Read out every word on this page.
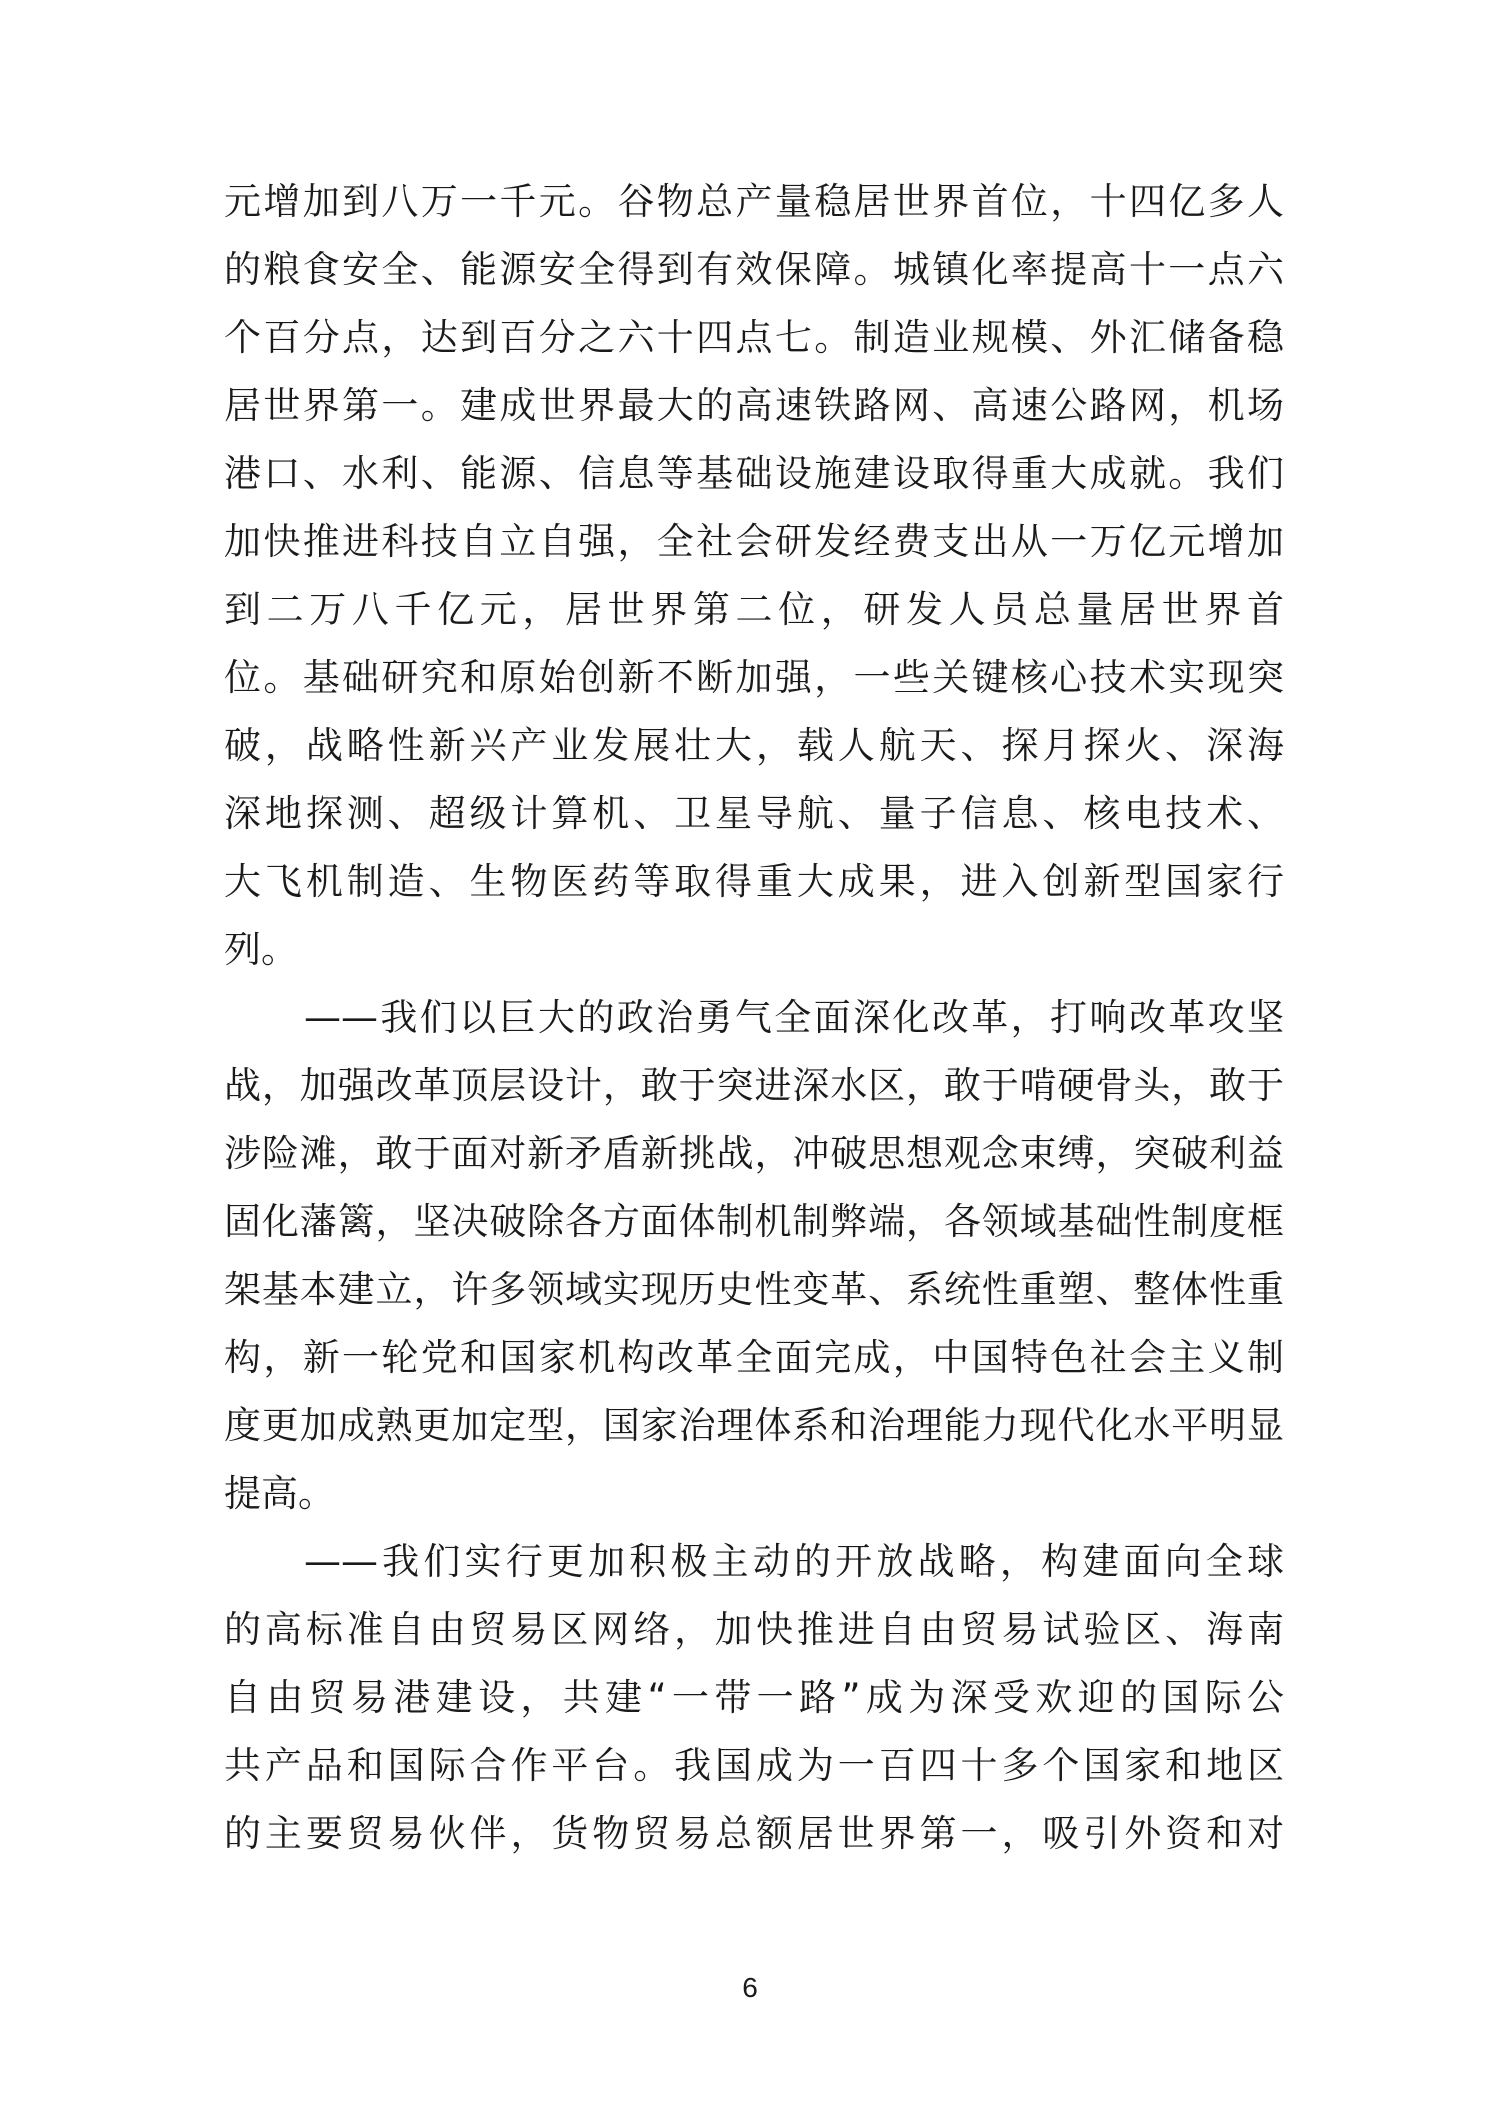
元增加到八万一千元。谷物总产量稳居世界首位，十四亿多人
的粮食安全、能源安全得到有效保障。城镇化率提高十一点六
个百分点，达到百分之六十四点七。制造业规模、外汇储备稳
居世界第一。建成世界最大的高速铁路网、高速公路网，机场
港口、水利、能源、信息等基础设施建设取得重大成就。我们
加快推进科技自立自强，全社会研发经费支出从一万亿元增加
到二万八千亿元，居世界第二位，研发人员总量居世界首
位。基础研究和原始创新不断加强，一些关键核心技术实现突
破，战略性新兴产业发展壮大，载人航天、探月探火、深海
深地探测、超级计算机、卫星导航、量子信息、核电技术、
大飞机制造、生物医药等取得重大成果，进入创新型国家行
列。
——我们以巨大的政治勇气全面深化改革，打响改革攻坚
战，加强改革顶层设计，敢于突进深水区，敢于啃硬骨头，敢于
涉险滩，敢于面对新矛盾新挑战，冲破思想观念束缚，突破利益
固化藩篱，坚决破除各方面体制机制弊端，各领域基础性制度框
架基本建立，许多领域实现历史性变革、系统性重塑、整体性重
构，新一轮党和国家机构改革全面完成，中国特色社会主义制
度更加成熟更加定型，国家治理体系和治理能力现代化水平明显
提高。
——我们实行更加积极主动的开放战略，构建面向全球
的高标准自由贸易区网络，加快推进自由贸易试验区、海南
自由贸易港建设，共建“一带一路”成为深受欢迎的国际公
共产品和国际合作平台。我国成为一百四十多个国家和地区
的主要贸易伙伴，货物贸易总额居世界第一，吸引外资和对
6
